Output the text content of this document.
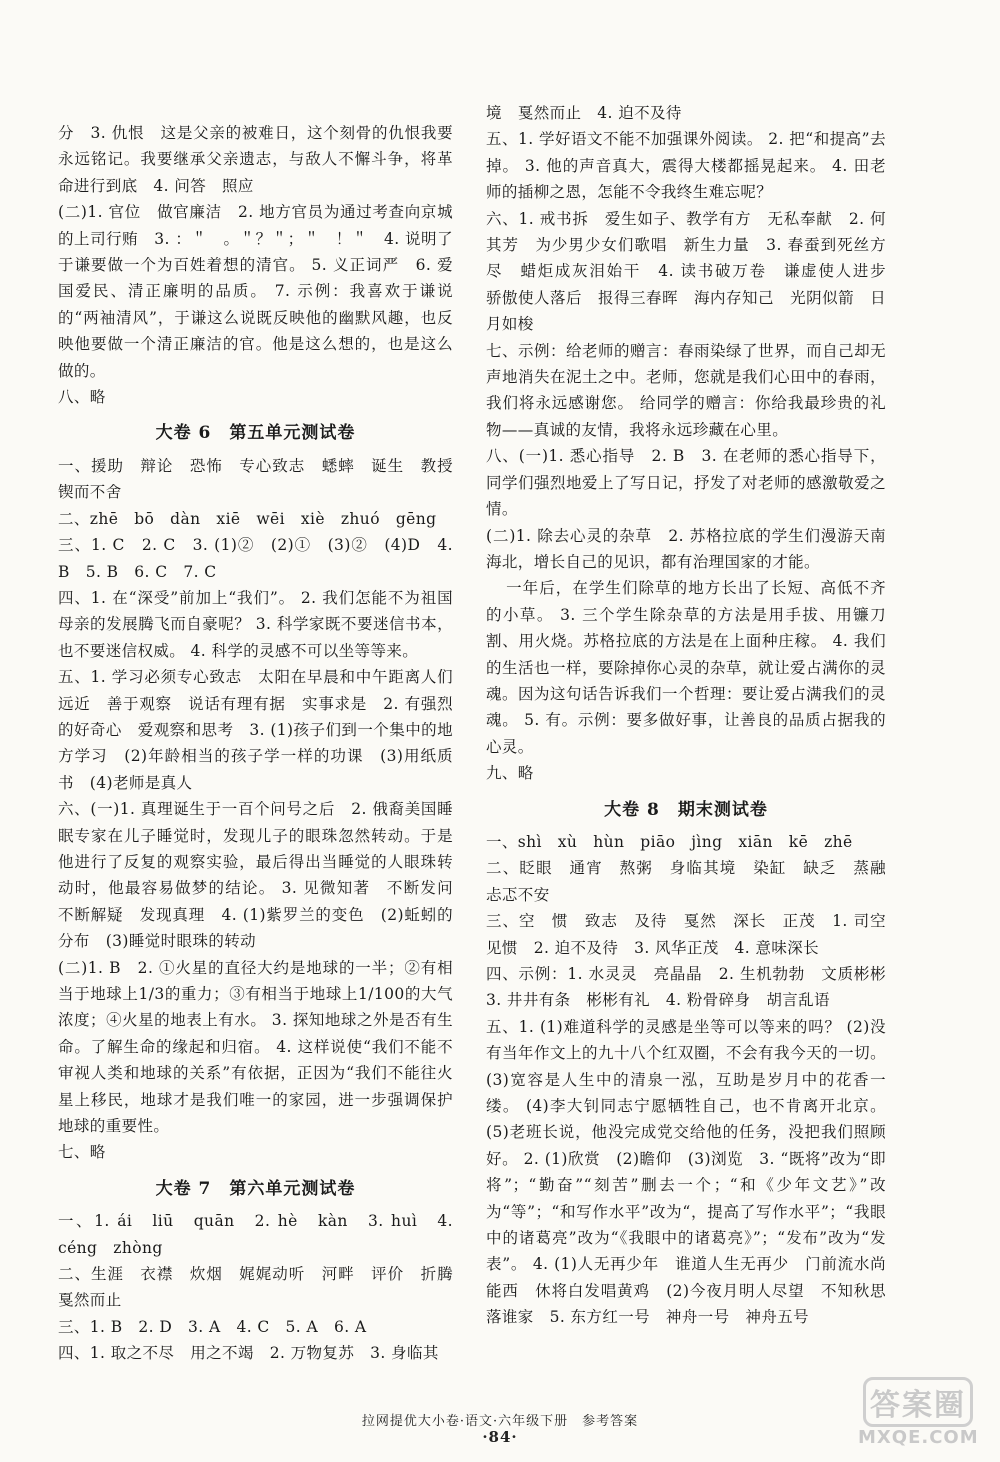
分　3. 仇恨　这是父亲的被难日，这个刻骨的仇恨我要永远铭记。我要继承父亲遗志，与敌人不懈斗争，将革命进行到底　4. 问答　照应

(二)1. 官位　做官廉洁　2. 地方官员为通过考查向京城的上司行贿　3. ：＂　。＂？＂；＂　！＂　4. 说明了于谦要做一个为百姓着想的清官。 5. 义正词严　6. 爱国爱民、清正廉明的品质。 7. 示例：我喜欢于谦说的“两袖清风”，于谦这么说既反映他的幽默风趣，也反映他要做一个清正廉洁的官。他是这么想的，也是这么做的。

八、略

大卷 6　第五单元测试卷

一、援助　辩论　恐怖　专心致志　蟋蟀　诞生　教授　锲而不舍

二、zhē　bō　dàn　xiē　wēi　xiè　zhuó　gēng

三、1. C　2. C　3. (1)②　(2)①　(3)②　(4)D　4. B　5. B　6. C　7. C

四、1. 在“深受”前加上“我们”。 2. 我们怎能不为祖国母亲的发展腾飞而自豪呢？ 3. 科学家既不要迷信书本，也不要迷信权威。 4. 科学的灵感不可以坐等等来。

五、1. 学习必须专心致志　太阳在早晨和中午距离人们远近　善于观察　说话有理有据　实事求是　2. 有强烈的好奇心　爱观察和思考　3. (1)孩子们到一个集中的地方学习　(2)年龄相当的孩子学一样的功课　(3)用纸质书　(4)老师是真人

六、(一)1. 真理诞生于一百个问号之后　2. 俄裔美国睡眠专家在儿子睡觉时，发现儿子的眼珠忽然转动。于是他进行了反复的观察实验，最后得出当睡觉的人眼珠转动时，他最容易做梦的结论。 3. 见微知著　不断发问　不断解疑　发现真理　4. (1)紫罗兰的变色　(2)蚯蚓的分布　(3)睡觉时眼珠的转动

(二)1. B　2. ①火星的直径大约是地球的一半；②有相当于地球上1/3的重力；③有相当于地球上1/100的大气浓度；④火星的地表上有水。 3. 探知地球之外是否有生命。了解生命的缘起和归宿。 4. 这样说使“我们不能不审视人类和地球的关系”有依据，正因为“我们不能往火星上移民，地球才是我们唯一的家园，进一步强调保护地球的重要性。

七、略

大卷 7　第六单元测试卷

一、1. ái　liū　quān　2. hè　kàn　3. huì　4. céng　zhòng

二、生涯　衣襟　炊烟　娓娓动听　河畔　评价　折腾　戛然而止

三、1. B　2. D　3. A　4. C　5. A　6. A

四、1. 取之不尽　用之不竭　2. 万物复苏　3. 身临其

境　戛然而止　4. 迫不及待

五、1. 学好语文不能不加强课外阅读。 2. 把“和提高”去掉。 3. 他的声音真大，震得大楼都摇晃起来。 4. 田老师的插柳之恩，怎能不令我终生难忘呢？

六、1. 戒书拆　爱生如子、教学有方　无私奉献　2. 何其芳　为少男少女们歌唱　新生力量　3. 春蚕到死丝方尽　蜡炬成灰泪始干　4. 读书破万卷　谦虚使人进步　骄傲使人落后　报得三春晖　海内存知己　光阴似箭　日月如梭

七、示例：给老师的赠言：春雨染绿了世界，而自己却无声地消失在泥土之中。老师，您就是我们心田中的春雨，我们将永远感谢您。 给同学的赠言：你给我最珍贵的礼物——真诚的友情，我将永远珍藏在心里。

八、(一)1. 悉心指导　2. B　3. 在老师的悉心指导下，同学们强烈地爱上了写日记，抒发了对老师的感激敬爱之情。

(二)1. 除去心灵的杂草　2. 苏格拉底的学生们漫游天南海北，增长自己的见识，都有治理国家的才能。

一年后，在学生们除草的地方长出了长短、高低不齐的小草。 3. 三个学生除杂草的方法是用手拔、用镰刀割、用火烧。苏格拉底的方法是在上面种庄稼。 4. 我们的生活也一样，要除掉你心灵的杂草，就让爱占满你的灵魂。因为这句话告诉我们一个哲理：要让爱占满我们的灵魂。 5. 有。示例：要多做好事，让善良的品质占据我的心灵。

九、略

大卷 8　期末测试卷

一、shì　xù　hùn　piāo　jìng　xiān　kē　zhē

二、眨眼　通宵　熬粥　身临其境　染缸　缺乏　蒸融　忐忑不安

三、空　惯　致志　及待　戛然　深长　正茂　1. 司空见惯　2. 迫不及待　3. 风华正茂　4. 意味深长

四、示例：1. 水灵灵　亮晶晶　2. 生机勃勃　文质彬彬　3. 井井有条　彬彬有礼　4. 粉骨碎身　胡言乱语

五、1. (1)难道科学的灵感是坐等可以等来的吗？ (2)没有当年作文上的九十八个红双圈，不会有我今天的一切。 (3)宽容是人生中的清泉一泓，互助是岁月中的花香一缕。 (4)李大钊同志宁愿牺牲自己，也不肯离开北京。 (5)老班长说，他没完成党交给他的任务，没把我们照顾好。 2. (1)欣赏　(2)瞻仰　(3)浏览　3. “既将”改为“即将”；“勤奋”“刻苦”删去一个；“和《少年文艺》”改为“等”；“和写作水平”改为“，提高了写作水平”；“我眼中的诸葛亮”改为“《我眼中的诸葛亮》”；“发布”改为“发表”。 4. (1)人无再少年　谁道人生无再少　门前流水尚能西　休将白发唱黄鸡　(2)今夜月明人尽望　不知秋思落谁家　5. 东方红一号　神舟一号　神舟五号

拉网提优大小卷·语文·六年级下册　参考答案
·84·
答案圈
MXQE.COM
